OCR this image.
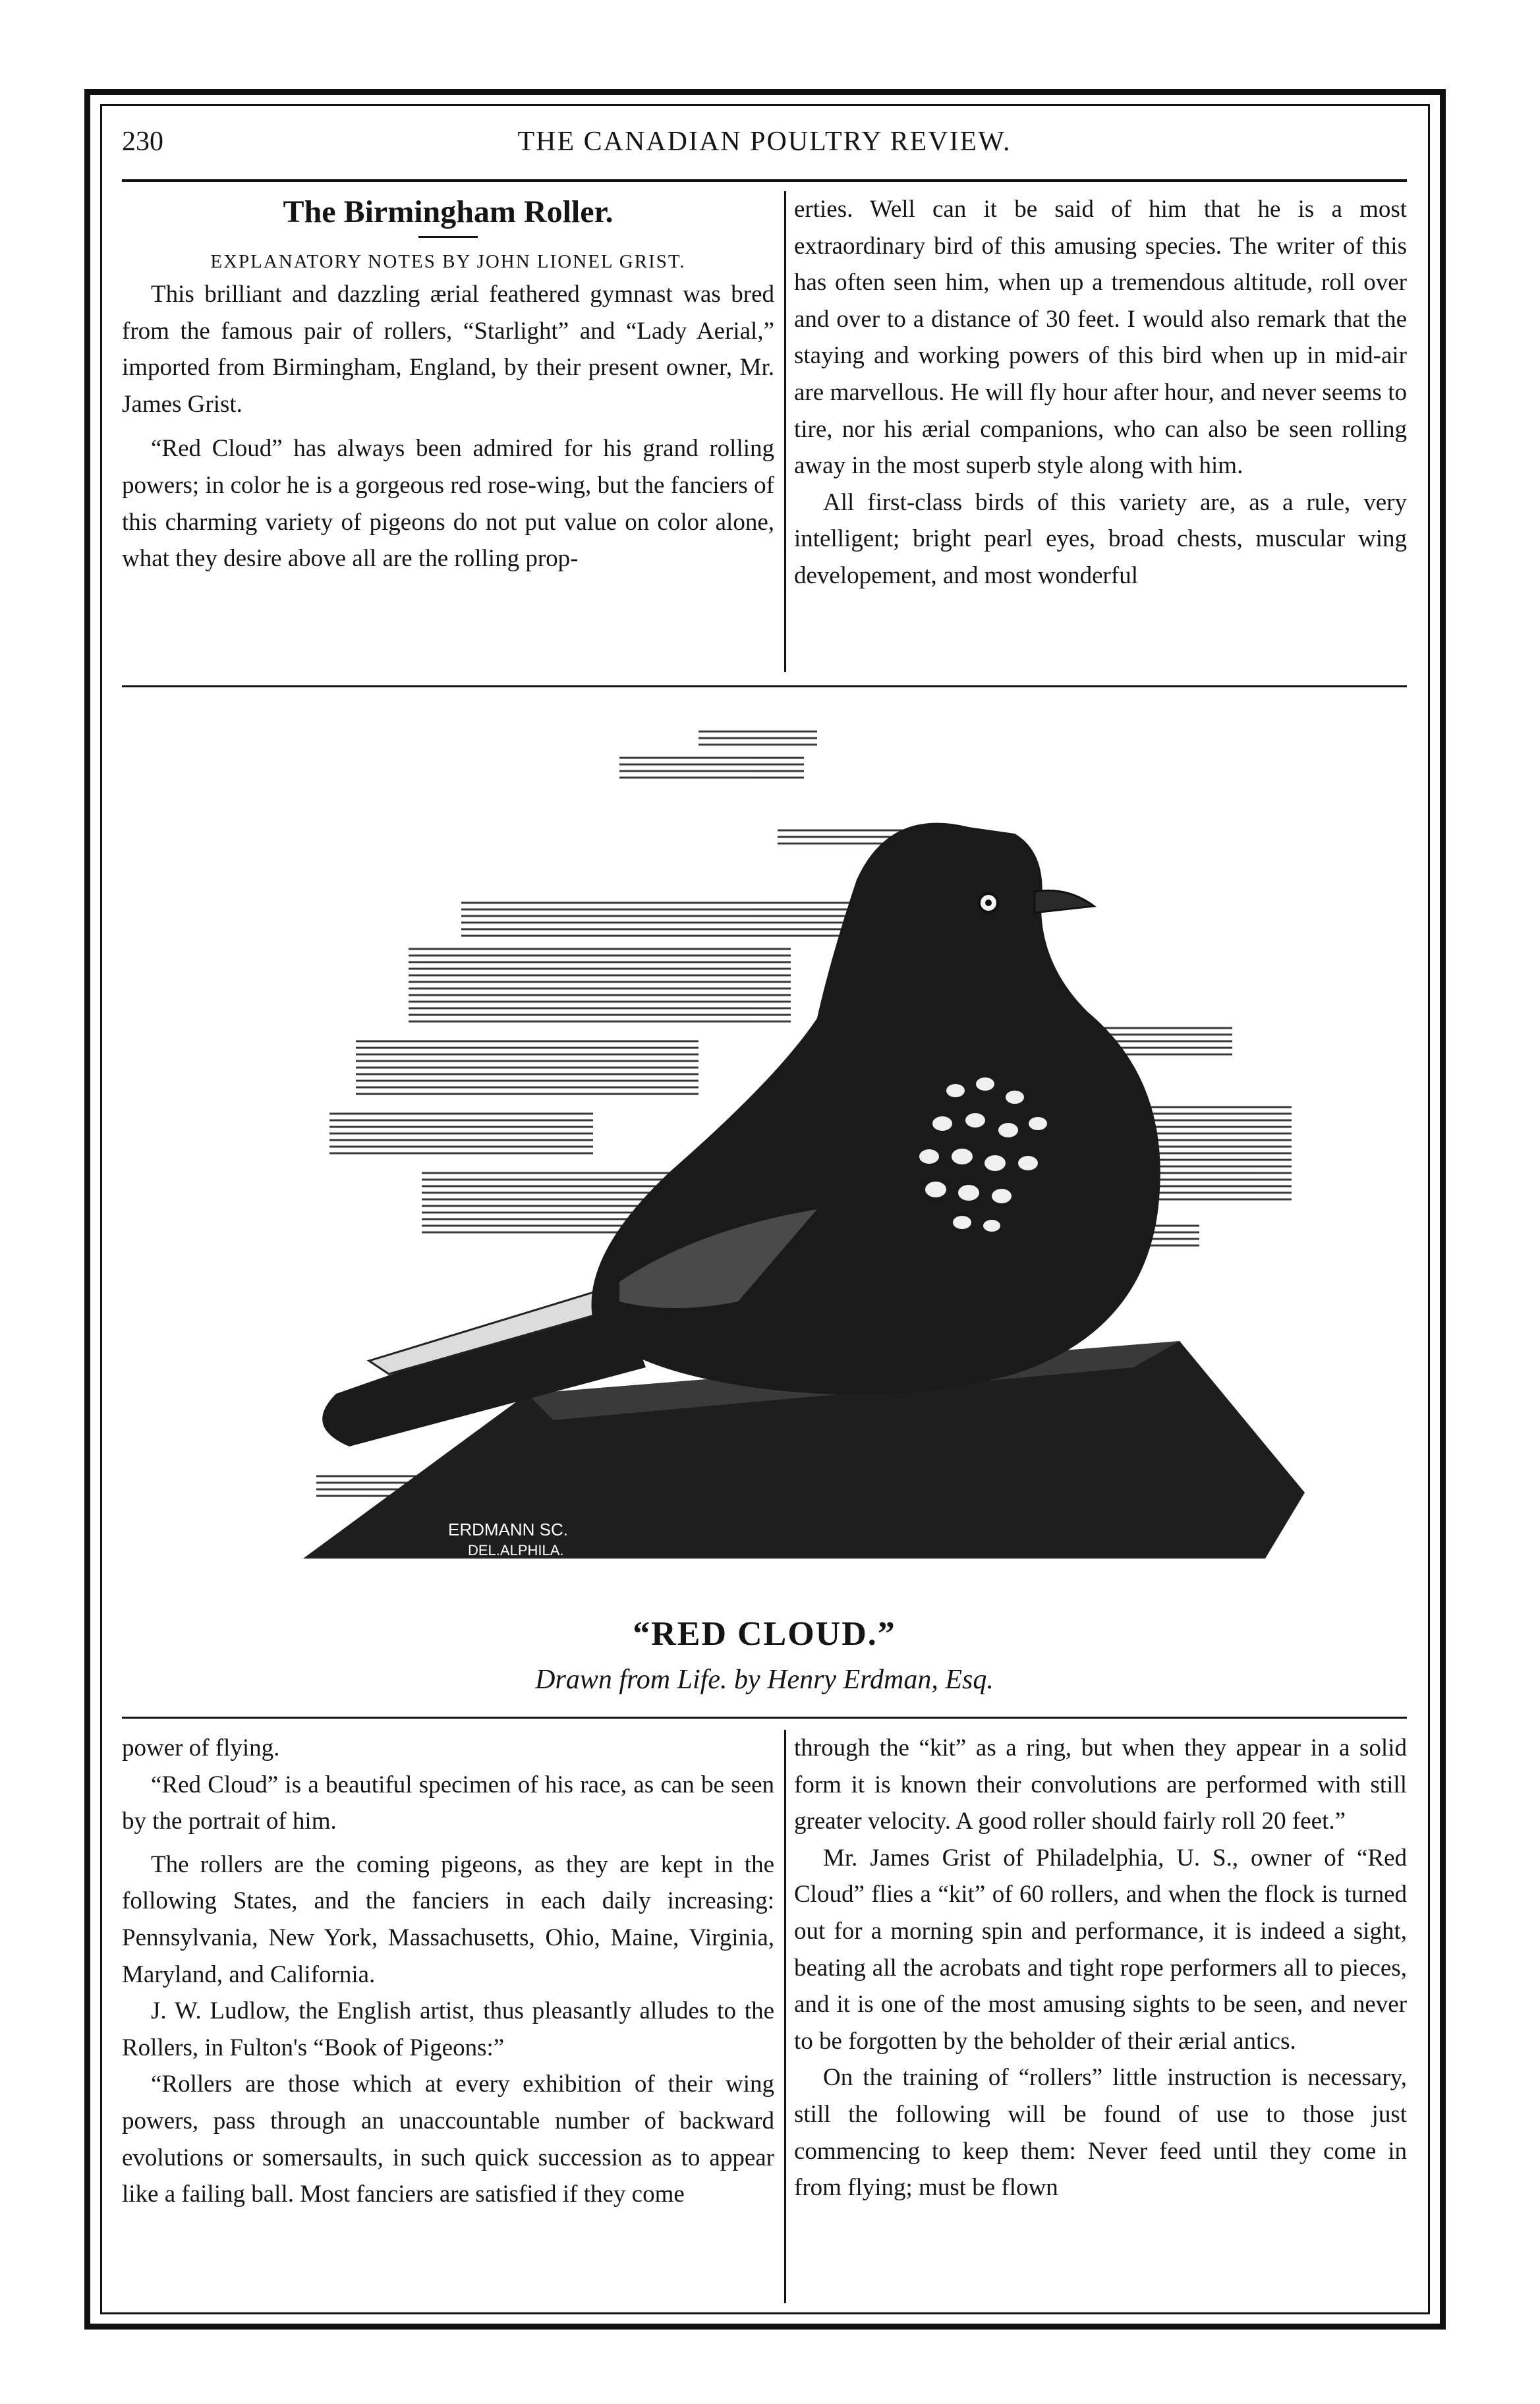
230	THE CANADIAN POULTRY REVIEW.

The Birmingham Roller.

EXPLANATORY NOTES BY JOHN LIONEL GRIST.

This brilliant and dazzling ærial feathered gymnast was bred from the famous pair of rollers, “Starlight” and “Lady Aerial,” imported from Birmingham, England, by their present owner, Mr. James Grist.

“Red Cloud” has always been admired for his grand rolling powers; in color he is a gorgeous red rose-wing, but the fanciers of this charming variety of pigeons do not put value on color alone, what they desire above all are the rolling prop-

erties. Well can it be said of him that he is a most extraordinary bird of this amusing species. The writer of this has often seen him, when up a tremendous altitude, roll over and over to a distance of 30 feet. I would also remark that the staying and working powers of this bird when up in mid-air are marvellous. He will fly hour after hour, and never seems to tire, nor his ærial companions, who can also be seen rolling away in the most superb style along with him.

All first-class birds of this variety are, as a rule, very intelligent; bright pearl eyes, broad chests, muscular wing developement, and most wonderful

ERDMANN SC.
DEL.ALPHILA.
“RED CLOUD.”
Drawn from Life. by Henry Erdman, Esq.

power of flying.

“Red Cloud” is a beautiful specimen of his race, as can be seen by the portrait of him.

The rollers are the coming pigeons, as they are kept in the following States, and the fanciers in each daily increasing: Pennsylvania, New York, Massachusetts, Ohio, Maine, Virginia, Maryland, and California.

J. W. Ludlow, the English artist, thus pleasantly alludes to the Rollers, in Fulton's “Book of Pigeons:”

“Rollers are those which at every exhibition of their wing powers, pass through an unaccountable number of backward evolutions or somersaults, in such quick succession as to appear like a failing ball. Most fanciers are satisfied if they come

through the “kit” as a ring, but when they appear in a solid form it is known their convolutions are performed with still greater velocity. A good roller should fairly roll 20 feet.”

Mr. James Grist of Philadelphia, U. S., owner of “Red Cloud” flies a “kit” of 60 rollers, and when the flock is turned out for a morning spin and performance, it is indeed a sight, beating all the acrobats and tight rope performers all to pieces, and it is one of the most amusing sights to be seen, and never to be forgotten by the beholder of their ærial antics.

On the training of “rollers” little instruction is necessary, still the following will be found of use to those just commencing to keep them: Never feed until they come in from flying; must be flown
